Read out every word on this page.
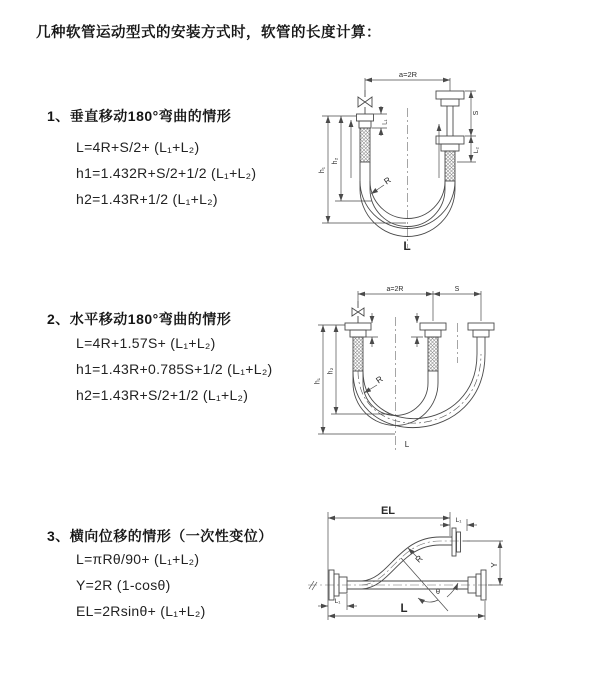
几种软管运动型式的安装方式时，软管的长度计算：
1、垂直移动180°弯曲的情形
L=4R+S/2+ (L₁+L₂)
h1=1.432R+S/2+1/2 (L₁+L₂)
h2=1.43R+1/2 (L₁+L₂)
a=2R
S
L₂
L₁
h₁
h₂
R
L
2、水平移动180°弯曲的情形
L=4R+1.57S+ (L₁+L₂)
h1=1.43R+0.785S+1/2 (L₁+L₂)
h2=1.43R+S/2+1/2 (L₁+L₂)
a=2R	S
h₁
h₂
R
L
3、横向位移的情形（一次性变位）
L=πRθ/90+ (L₁+L₂)
Y=2R (1-cosθ)
EL=2Rsinθ+ (L₁+L₂)
EL
L₁
Y
R
θ
L
L₁
